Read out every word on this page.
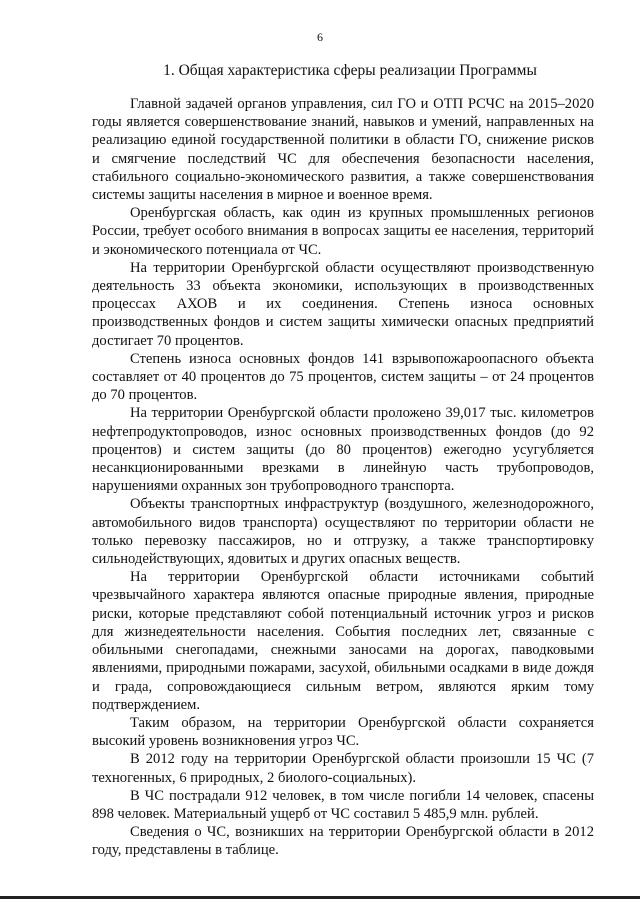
6
1. Общая характеристика сферы реализации Программы

Главной задачей органов управления, сил ГО и ОТП РСЧС на 2015–2020 годы является совершенствование знаний, навыков и умений, направленных на реализацию единой государственной политики в области ГО, снижение рисков и смягчение последствий ЧС для обеспечения безопасности населения, стабильного социально-экономического развития, а также совершенствования системы защиты населения в мирное и военное время.

Оренбургская область, как один из крупных промышленных регионов России, требует особого внимания в вопросах защиты ее населения, территорий и экономического потенциала от ЧС.

На территории Оренбургской области осуществляют производственную деятельность 33 объекта экономики, использующих в производственных процессах АХОВ и их соединения. Степень износа основных производственных фондов и систем защиты химически опасных предприятий достигает 70 процентов.

Степень износа основных фондов 141 взрывопожароопасного объекта составляет от 40 процентов до 75 процентов, систем защиты – от 24 процентов до 70 процентов.

На территории Оренбургской области проложено 39,017 тыс. километров нефтепродуктопроводов, износ основных производственных фондов (до 92 процентов) и систем защиты (до 80 процентов) ежегодно усугубляется несанкционированными врезками в линейную часть трубопроводов, нарушениями охранных зон трубопроводного транспорта.

Объекты транспортных инфраструктур (воздушного, железнодорожного, автомобильного видов транспорта) осуществляют по территории области не только перевозку пассажиров, но и отгрузку, а также транспортировку сильнодействующих, ядовитых и других опасных веществ.

На территории Оренбургской области источниками событий чрезвычайного характера являются опасные природные явления, природные риски, которые представляют собой потенциальный источник угроз и рисков для жизнедеятельности населения. События последних лет, связанные с обильными снегопадами, снежными заносами на дорогах, паводковыми явлениями, природными пожарами, засухой, обильными осадками в виде дождя и града, сопровождающиеся сильным ветром, являются ярким тому подтверждением.

Таким образом, на территории Оренбургской области сохраняется высокий уровень возникновения угроз ЧС.

В 2012 году на территории Оренбургской области произошли 15 ЧС (7 техногенных, 6 природных, 2 биолого-социальных).

В ЧС пострадали 912 человек, в том числе погибли 14 человек, спасены 898 человек. Материальный ущерб от ЧС составил 5 485,9 млн. рублей.

Сведения о ЧС, возникших на территории Оренбургской области в 2012 году, представлены в таблице.
